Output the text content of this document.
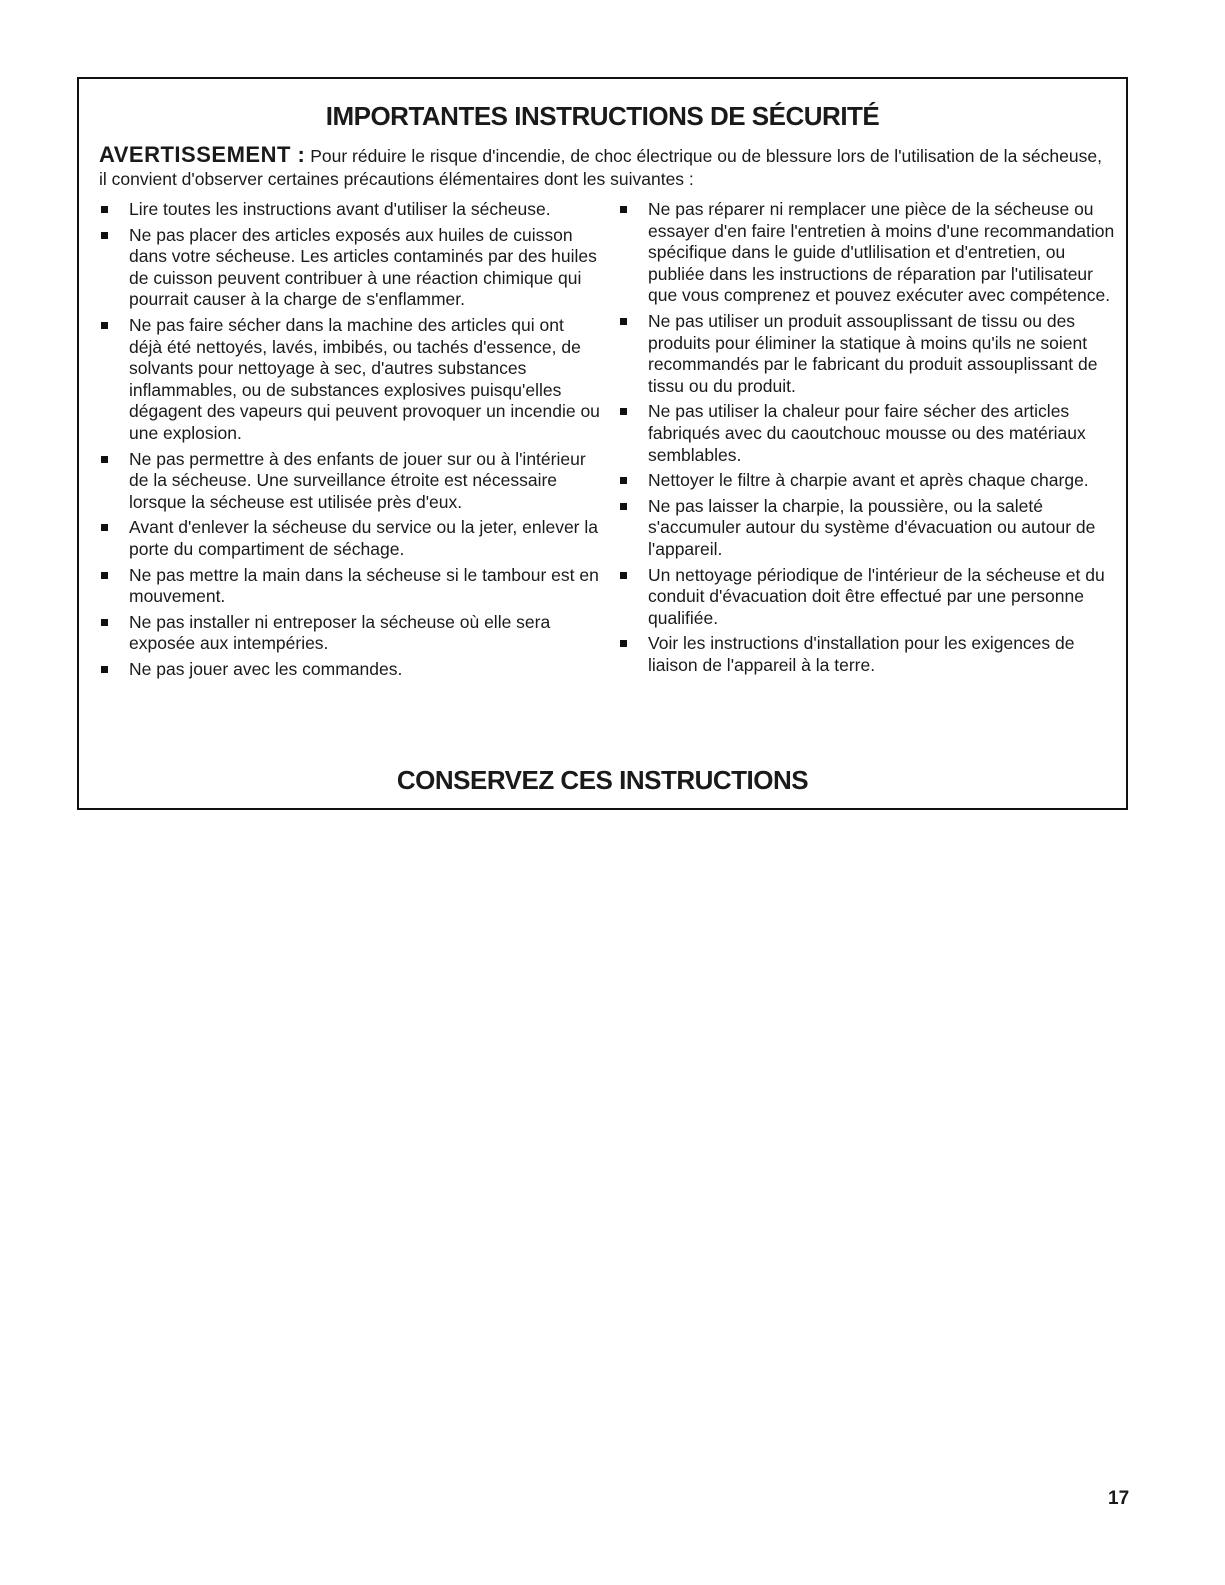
IMPORTANTES INSTRUCTIONS DE SÉCURITÉ

AVERTISSEMENT : Pour réduire le risque d'incendie, de choc électrique ou de blessure lors de l'utilisation de la sécheuse, il convient d'observer certaines précautions élémentaires dont les suivantes :

Lire toutes les instructions avant d'utiliser la sécheuse.
Ne pas placer des articles exposés aux huiles de cuisson dans votre sécheuse. Les articles contaminés par des huiles de cuisson peuvent contribuer à une réaction chimique qui pourrait causer à la charge de s'enflammer.
Ne pas faire sécher dans la machine des articles qui ont déjà été nettoyés, lavés, imbibés, ou tachés d'essence, de solvants pour nettoyage à sec, d'autres substances inflammables, ou de substances explosives puisqu'elles dégagent des vapeurs qui peuvent provoquer un incendie ou une explosion.
Ne pas permettre à des enfants de jouer sur ou à l'intérieur de la sécheuse. Une surveillance étroite est nécessaire lorsque la sécheuse est utilisée près d'eux.
Avant d'enlever la sécheuse du service ou la jeter, enlever la porte du compartiment de séchage.
Ne pas mettre la main dans la sécheuse si le tambour est en mouvement.
Ne pas installer ni entreposer la sécheuse où elle sera exposée aux intempéries.
Ne pas jouer avec les commandes.
Ne pas réparer ni remplacer une pièce de la sécheuse ou essayer d'en faire l'entretien à moins d'une recommandation spécifique dans le guide d'utlilisation et d'entretien, ou publiée dans les instructions de réparation par l'utilisateur que vous comprenez et pouvez exécuter avec compétence.
Ne pas utiliser un produit assouplissant de tissu ou des produits pour éliminer la statique à moins qu'ils ne soient recommandés par le fabricant du produit assouplissant de tissu ou du produit.
Ne pas utiliser la chaleur pour faire sécher des articles fabriqués avec du caoutchouc mousse ou des matériaux semblables.
Nettoyer le filtre à charpie avant et après chaque charge.
Ne pas laisser la charpie, la poussière, ou la saleté s'accumuler autour du système d'évacuation ou autour de l'appareil.
Un nettoyage périodique de l'intérieur de la sécheuse et du conduit d'évacuation doit être effectué par une personne qualifiée.
Voir les instructions d'installation pour les exigences de liaison de l'appareil à la terre.
CONSERVEZ CES INSTRUCTIONS
17
